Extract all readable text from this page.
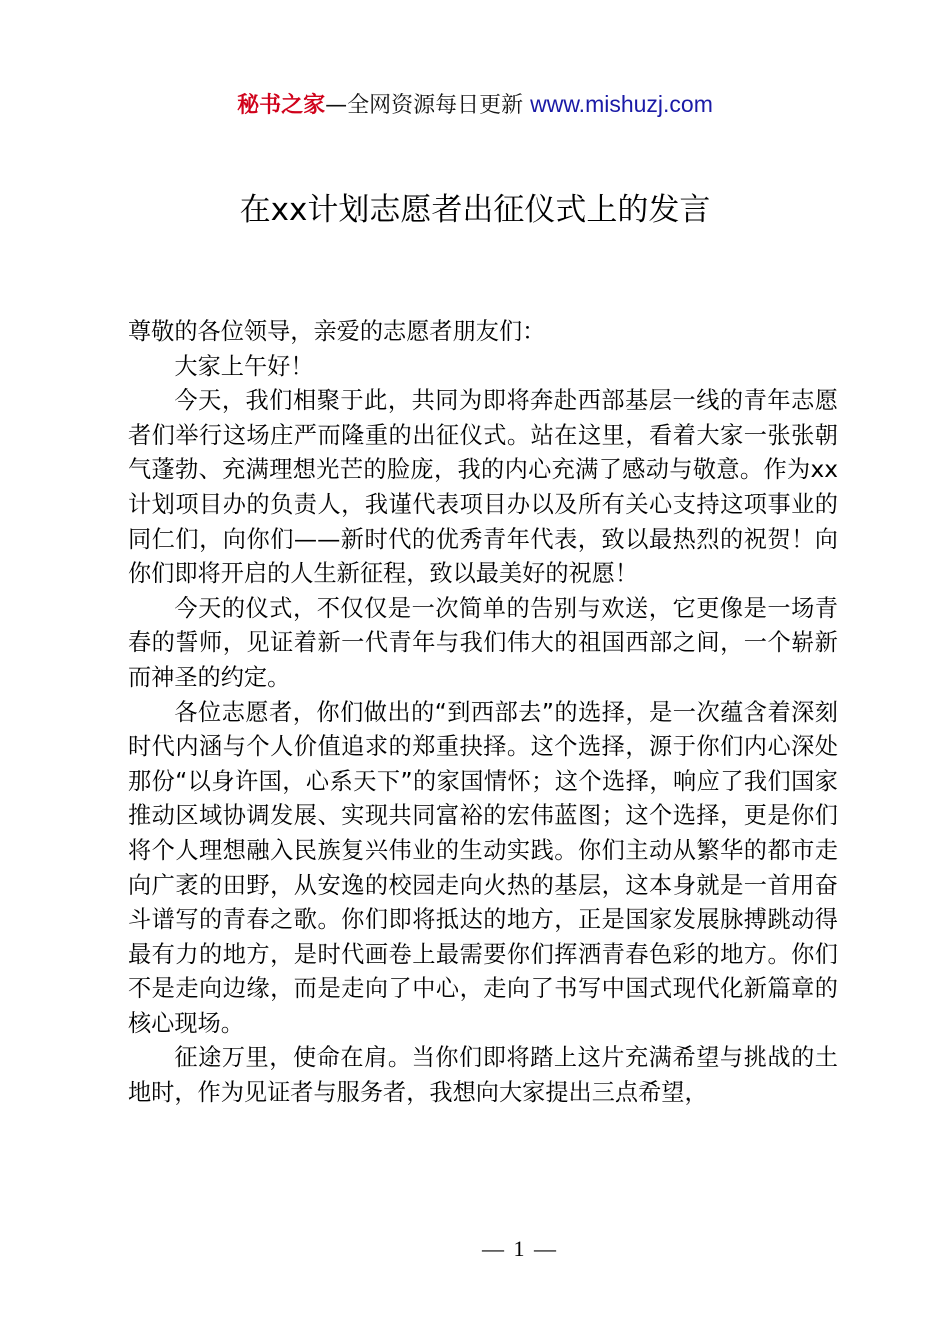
秘书之家—全网资源每日更新 www.mishuzj.com
在xx计划志愿者出征仪式上的发言

尊敬的各位领导，亲爱的志愿者朋友们：

大家上午好！

今天，我们相聚于此，共同为即将奔赴西部基层一线的青年志愿者们举行这场庄严而隆重的出征仪式。站在这里，看着大家一张张朝气蓬勃、充满理想光芒的脸庞，我的内心充满了感动与敬意。作为xx计划项目办的负责人，我谨代表项目办以及所有关心支持这项事业的同仁们，向你们——新时代的优秀青年代表，致以最热烈的祝贺！向你们即将开启的人生新征程，致以最美好的祝愿！

今天的仪式，不仅仅是一次简单的告别与欢送，它更像是一场青春的誓师，见证着新一代青年与我们伟大的祖国西部之间，一个崭新而神圣的约定。

各位志愿者，你们做出的“到西部去”的选择，是一次蕴含着深刻时代内涵与个人价值追求的郑重抉择。这个选择，源于你们内心深处那份“以身许国，心系天下”的家国情怀；这个选择，响应了我们国家推动区域协调发展、实现共同富裕的宏伟蓝图；这个选择，更是你们将个人理想融入民族复兴伟业的生动实践。你们主动从繁华的都市走向广袤的田野，从安逸的校园走向火热的基层，这本身就是一首用奋斗谱写的青春之歌。你们即将抵达的地方，正是国家发展脉搏跳动得最有力的地方，是时代画卷上最需要你们挥洒青春色彩的地方。你们不是走向边缘，而是走向了中心，走向了书写中国式现代化新篇章的核心现场。

征途万里，使命在肩。当你们即将踏上这片充满希望与挑战的土地时，作为见证者与服务者，我想向大家提出三点希望，

— 1 —
